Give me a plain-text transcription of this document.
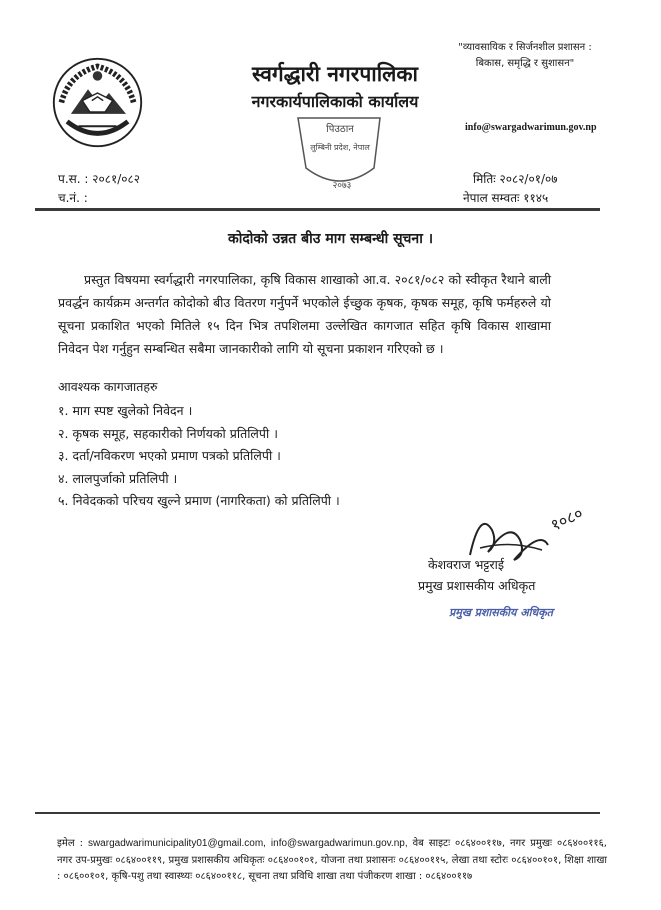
स्वर्गद्धारी नगरपालिका
नगरकार्यपालिकाको कार्यालय
"व्यावसायिक र सिर्जनशील प्रशासन :
बिकास, समृद्धि र सुशासन"
info@swargadwarimun.gov.np
पिउठान
लुम्बिनी प्रदेश, नेपाल
२०७३
प.स. : २०८१/०८२
च.नं. :
मितिः २०८२/०१/०७
नेपाल सम्वतः ११४५
कोदोको उन्नत बीउ माग सम्बन्धी सूचना ।
प्रस्तुत विषयमा स्वर्गद्धारी नगरपालिका, कृषि विकास शाखाको आ.व. २०८१/०८२ को स्वीकृत रैथाने बाली प्रवर्द्धन कार्यक्रम अन्तर्गत कोदोको बीउ वितरण गर्नुपर्ने भएकोले ईच्छुक कृषक, कृषक समूह, कृषि फर्महरुले यो सूचना प्रकाशित भएको मितिले १५ दिन भित्र तपशिलमा उल्लेखित कागजात सहित कृषि विकास शाखामा निवेदन पेश गर्नुहुन सम्बन्धित सबैमा जानकारीको लागि यो सूचना प्रकाशन गरिएको छ ।
आवश्यक कागजातहरु
१. माग स्पष्ट खुलेको निवेदन ।
२. कृषक समूह, सहकारीको निर्णयको प्रतिलिपी ।
३. दर्ता/नविकरण भएको प्रमाण पत्रको प्रतिलिपी ।
४. लालपुर्जाको प्रतिलिपी ।
५. निवेदकको परिचय खुल्ने प्रमाण (नागरिकता) को प्रतिलिपी ।
१०८०
केशवराज भट्टराई
प्रमुख प्रशासकीय अधिकृत
प्रमुख प्रशासकीय अधिकृत
इमेल : swargadwarimunicipality01@gmail.com, info@swargadwarimun.gov.np, वेब साइटः ०८६४००११७, नगर प्रमुखः ०८६४००११६, नगर उप-प्रमुखः ०८६४००११९, प्रमुख प्रशासकीय अधिकृतः ०८६४००१०१, योजना तथा प्रशासनः ०८६४००११५, लेखा तथा स्टोरः ०८६४००१०१, शिक्षा शाखा : ०८६००१०१, कृषि-पशु तथा स्वास्थ्यः ०८६४००११८, सूचना तथा प्रविधि शाखा तथा पंजीकरण शाखा : ०८६४००११७
